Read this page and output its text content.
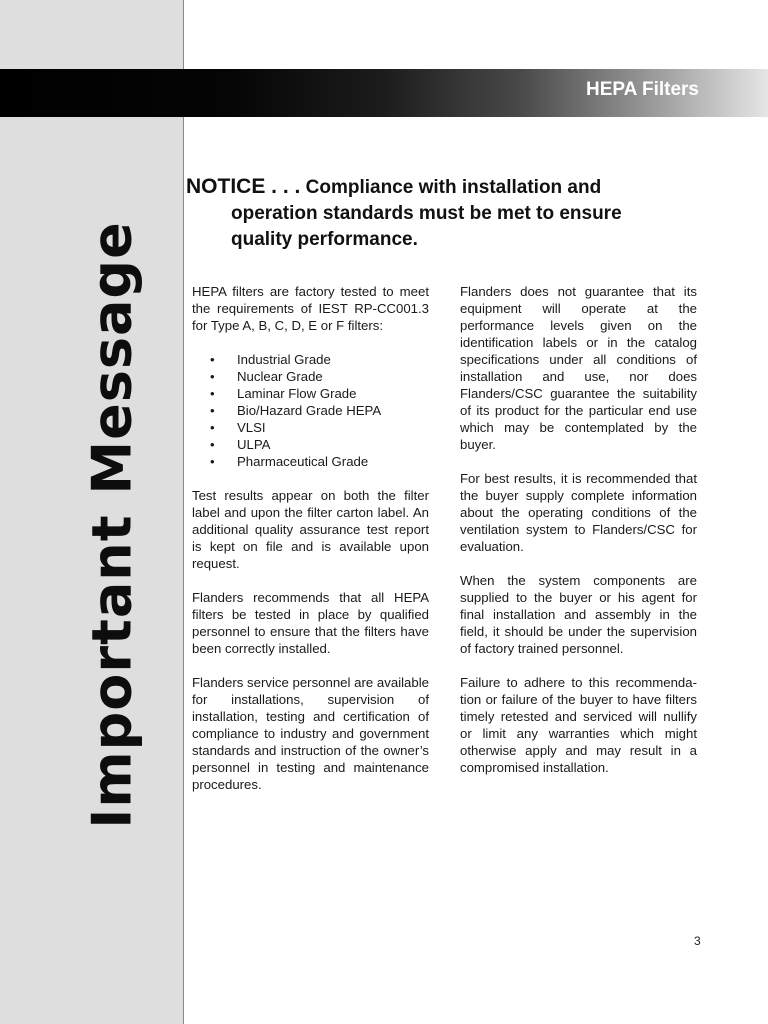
Important Message
HEPA Filters
NOTICE . . . Compliance with installation and
operation standards must be met to ensure
quality performance.

HEPA filters are factory tested to meet the requirements of IEST RP-CC001.3 for Type A, B, C, D, E or F filters:

• Industrial Grade
• Nuclear Grade
• Laminar Flow Grade
• Bio/Hazard Grade HEPA
• VLSI
• ULPA
• Pharmaceutical Grade

Test results appear on both the filter label and upon the filter carton label. An additional quality assurance test report is kept on file and is available upon request.

Flanders recommends that all HEPA filters be tested in place by qualified personnel to ensure that the filters have been correctly installed.

Flanders service personnel are available for installations, supervision of installation, testing and certification of compliance to industry and government standards and instruction of the owner’s personnel in testing and maintenance procedures.

Flanders does not guarantee that its equipment will operate at the performance levels given on the identification labels or in the catalog specifications under all conditions of installation and use, nor does Flanders/CSC guarantee the suitability of its product for the particular end use which may be contemplated by the buyer.

For best results, it is recommended that the buyer supply complete information about the operating conditions of the ventilation system to Flanders/CSC for evaluation.

When the system components are supplied to the buyer or his agent for final installation and assembly in the field, it should be under the supervision of factory trained personnel.

Failure to adhere to this recommenda-tion or failure of the buyer to have filters timely retested and serviced will nullify or limit any warranties which might otherwise apply and may result in a compromised installation.

3
